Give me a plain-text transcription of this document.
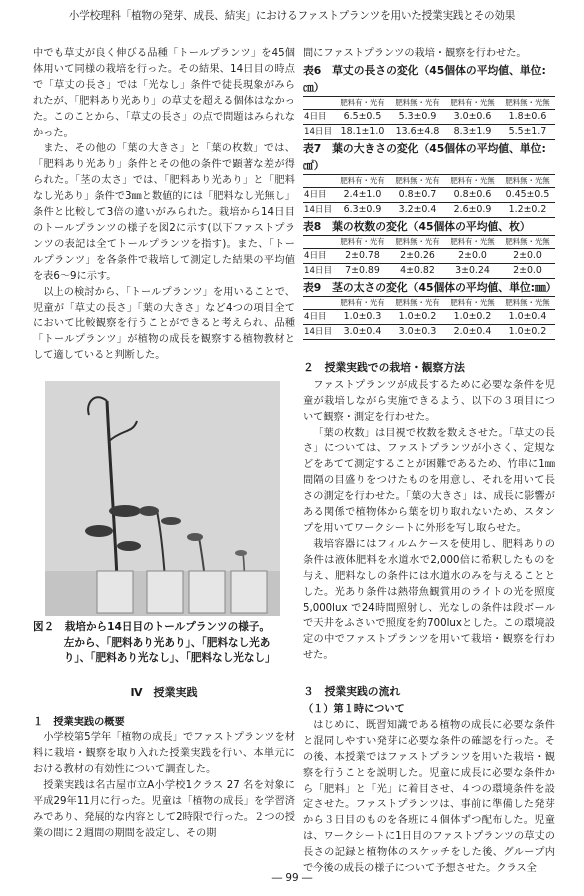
小学校理科「植物の発芽、成長、結実」におけるファストプランツを用いた授業実践とその効果

中でも草丈が良く伸びる品種「トールプランツ」を45個体用いて同様の栽培を行った。その結果、14日目の時点で「草丈の長さ」では「光なし」条件で徒長現象がみられたが、「肥料あり光あり」の草丈を超える個体はなかった。このことから、「草丈の長さ」の点で問題はみられなかった。

また、その他の「葉の大きさ」と「葉の枚数」では、「肥料あり光あり」条件とその他の条件で顕著な差が得られた。「茎の太さ」では、「肥料あり光あり」と「肥料なし光あり」条件で3㎜と数値的には「肥料なし光無し」条件と比較して3倍の違いがみられた。栽培から14日目のトールプランツの様子を図2に示す(以下ファストプランツの表記は全てトールプランツを指す)。また、「トールプランツ」を各条件で栽培して測定した結果の平均値を表6～9に示す。

以上の検討から、「トールプランツ」を用いることで、児童が「草丈の長さ」「葉の大きさ」など4つの項目全てにおいて比較観察を行うことができると考えられ、品種「トールプランツ」が植物の成長を観察する植物教材として適していると判断した。

図２　栽培から14日目のトールプランツの様子。
左から、「肥料あり光あり」、「肥料なし光あり」、「肥料あり光なし」、「肥料なし光なし」
Ⅳ　授業実践
１　授業実践の概要

小学校第5学年「植物の成長」でファストプランツを材料に栽培・観察を取り入れた授業実践を行い、本単元における教材の有効性について調査した。

授業実践は名古屋市立A小学校1クラス 27 名を対象に平成29年11月に行った。児童は「植物の成長」を学習済みであり、発展的な内容として2時限で行った。２つの授業の間に２週間の期間を設定し、その期

間にファストプランツの栽培・観察を行わせた。

表6　草丈の長さの変化（45個体の平均値、単位:㎝）
	肥料有・光有	肥料無・光有	肥料有・光無	肥料無・光無
4日目	6.5±0.5	5.3±0.9	3.0±0.6	1.8±0.6
14日目	18.1±1.0	13.6±4.8	8.3±1.9	5.5±1.7
表7　葉の大きさの変化（45個体の平均値、単位:㎠）
	肥料有・光有	肥料無・光有	肥料有・光無	肥料無・光無
4日目	2.4±1.0	0.8±0.7	0.8±0.6	0.45±0.5
14日目	6.3±0.9	3.2±0.4	2.6±0.9	1.2±0.2
表8　葉の枚数の変化（45個体の平均値、枚）
	肥料有・光有	肥料無・光有	肥料有・光無	肥料無・光無
4日目	2±0.78	2±0.26	2±0.0	2±0.0
14日目	7±0.89	4±0.82	3±0.24	2±0.0
表9　茎の太さの変化（45個体の平均値、単位:㎜）
	肥料有・光有	肥料無・光有	肥料有・光無	肥料無・光無
4日目	1.0±0.3	1.0±0.2	1.0±0.2	1.0±0.4
14日目	3.0±0.4	3.0±0.3	2.0±0.4	1.0±0.2
２　授業実践での栽培・観察方法

ファストプランツが成長するために必要な条件を児童が栽培しながら実施できるよう、以下の３項目について観察・測定を行わせた。

「葉の枚数」は目視で枚数を数えさせた。「草丈の長さ」については、ファストプランツが小さく、定規などをあてて測定することが困難であるため、竹串に1㎜間隔の目盛りをつけたものを用意し、それを用いて長さの測定を行わせた。「葉の大きさ」は、成長に影響がある関係で植物体から葉を切り取れないため、スタンプを用いてワークシートに外形を写し取らせた。

栽培容器にはフィルムケースを使用し、肥料ありの条件は液体肥料を水道水で2,000倍に希釈したものを与え、肥料なしの条件には水道水のみを与えることとした。光あり条件は熱帯魚観賞用のライトの光を照度5,000lux で24時間照射し、光なしの条件は段ボールで天井をふさいで照度を約700luxとした。この環境設定の中でファストプランツを用いて栽培・観察を行わせた。

３　授業実践の流れ
（１）第１時について

はじめに、既習知識である植物の成長に必要な条件と混同しやすい発芽に必要な条件の確認を行った。その後、本授業ではファストプランツを用いた栽培・観察を行うことを説明した。児童に成長に必要な条件から「肥料」と「光」に着目させ、４つの環境条件を設定させた。ファストプランツは、事前に準備した発芽から３日目のものを各班に４個体ずつ配布した。児童は、ワークシートに1日目のファストプランツの草丈の長さの記録と植物体のスケッチをした後、グループ内で今後の成長の様子について予想させた。クラス全

― 99 ―
